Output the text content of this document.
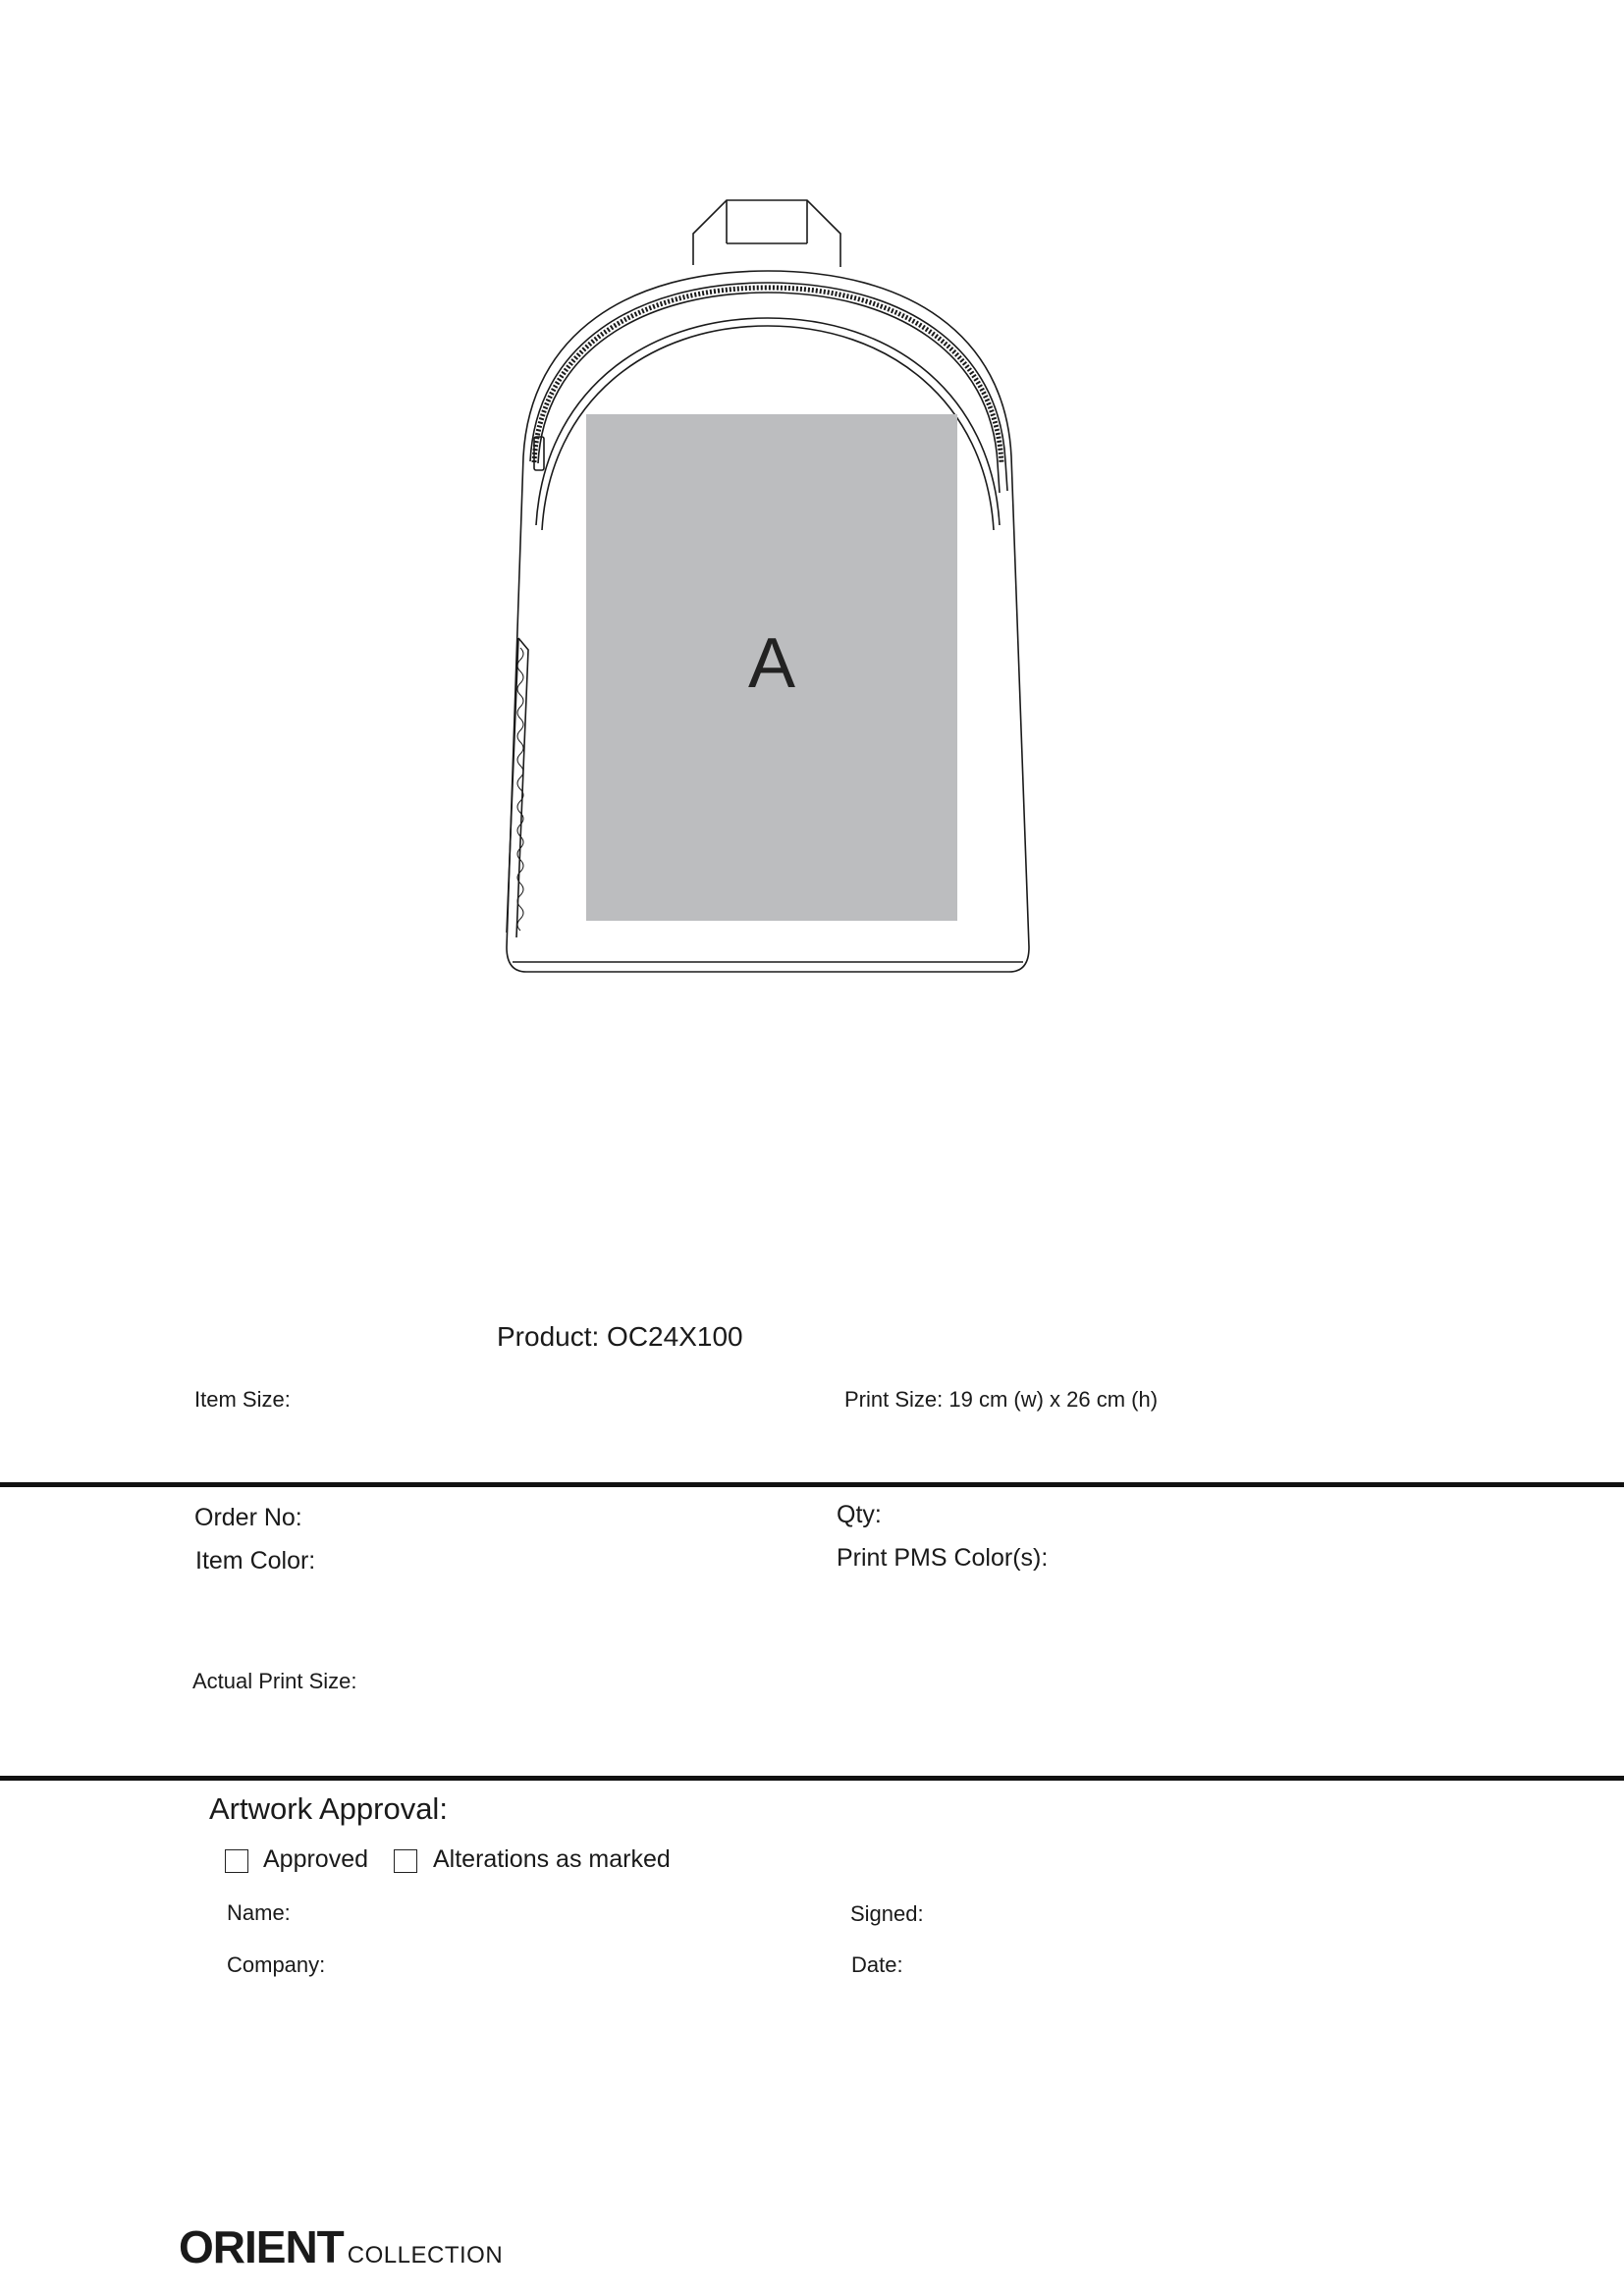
A
Product: OC24X100
Item Size:	Print Size: 19 cm (w) x 26 cm (h)
Order No:	Qty:
Item Color:	Print PMS Color(s):
Actual Print Size:
Artwork Approval:
Approved	Alterations as marked
Name:	Signed:
Company:	Date:
ORIENT COLLECTION
